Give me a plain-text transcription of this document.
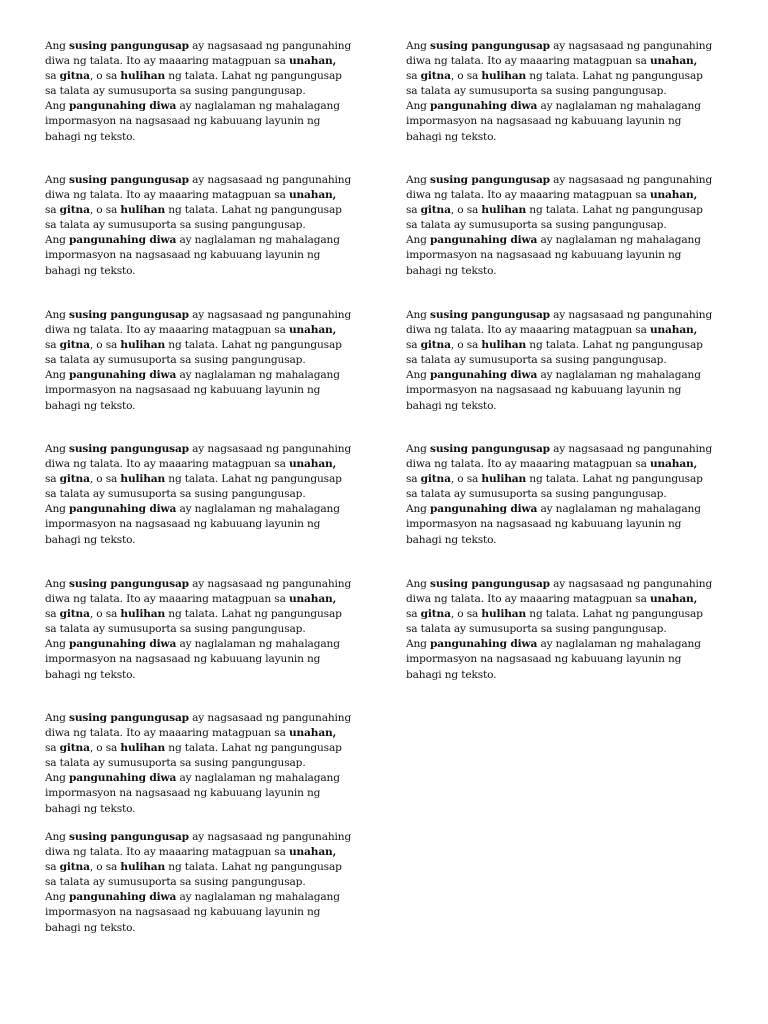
Ang susing pangungusap ay nagsasaad ng pangunahing
diwa ng talata. Ito ay maaaring matagpuan sa unahan,
sa gitna, o sa hulihan ng talata. Lahat ng pangungusap
sa talata ay sumusuporta sa susing pangungusap.
Ang pangunahing diwa ay naglalaman ng mahalagang
impormasyon na nagsasaad ng kabuuang layunin ng
bahagi ng teksto.
Ang susing pangungusap ay nagsasaad ng pangunahing
diwa ng talata. Ito ay maaaring matagpuan sa unahan,
sa gitna, o sa hulihan ng talata. Lahat ng pangungusap
sa talata ay sumusuporta sa susing pangungusap.
Ang pangunahing diwa ay naglalaman ng mahalagang
impormasyon na nagsasaad ng kabuuang layunin ng
bahagi ng teksto.
Ang susing pangungusap ay nagsasaad ng pangunahing
diwa ng talata. Ito ay maaaring matagpuan sa unahan,
sa gitna, o sa hulihan ng talata. Lahat ng pangungusap
sa talata ay sumusuporta sa susing pangungusap.
Ang pangunahing diwa ay naglalaman ng mahalagang
impormasyon na nagsasaad ng kabuuang layunin ng
bahagi ng teksto.
Ang susing pangungusap ay nagsasaad ng pangunahing
diwa ng talata. Ito ay maaaring matagpuan sa unahan,
sa gitna, o sa hulihan ng talata. Lahat ng pangungusap
sa talata ay sumusuporta sa susing pangungusap.
Ang pangunahing diwa ay naglalaman ng mahalagang
impormasyon na nagsasaad ng kabuuang layunin ng
bahagi ng teksto.
Ang susing pangungusap ay nagsasaad ng pangunahing
diwa ng talata. Ito ay maaaring matagpuan sa unahan,
sa gitna, o sa hulihan ng talata. Lahat ng pangungusap
sa talata ay sumusuporta sa susing pangungusap.
Ang pangunahing diwa ay naglalaman ng mahalagang
impormasyon na nagsasaad ng kabuuang layunin ng
bahagi ng teksto.
Ang susing pangungusap ay nagsasaad ng pangunahing
diwa ng talata. Ito ay maaaring matagpuan sa unahan,
sa gitna, o sa hulihan ng talata. Lahat ng pangungusap
sa talata ay sumusuporta sa susing pangungusap.
Ang pangunahing diwa ay naglalaman ng mahalagang
impormasyon na nagsasaad ng kabuuang layunin ng
bahagi ng teksto.
Ang susing pangungusap ay nagsasaad ng pangunahing
diwa ng talata. Ito ay maaaring matagpuan sa unahan,
sa gitna, o sa hulihan ng talata. Lahat ng pangungusap
sa talata ay sumusuporta sa susing pangungusap.
Ang pangunahing diwa ay naglalaman ng mahalagang
impormasyon na nagsasaad ng kabuuang layunin ng
bahagi ng teksto.
Ang susing pangungusap ay nagsasaad ng pangunahing
diwa ng talata. Ito ay maaaring matagpuan sa unahan,
sa gitna, o sa hulihan ng talata. Lahat ng pangungusap
sa talata ay sumusuporta sa susing pangungusap.
Ang pangunahing diwa ay naglalaman ng mahalagang
impormasyon na nagsasaad ng kabuuang layunin ng
bahagi ng teksto.
Ang susing pangungusap ay nagsasaad ng pangunahing
diwa ng talata. Ito ay maaaring matagpuan sa unahan,
sa gitna, o sa hulihan ng talata. Lahat ng pangungusap
sa talata ay sumusuporta sa susing pangungusap.
Ang pangunahing diwa ay naglalaman ng mahalagang
impormasyon na nagsasaad ng kabuuang layunin ng
bahagi ng teksto.
Ang susing pangungusap ay nagsasaad ng pangunahing
diwa ng talata. Ito ay maaaring matagpuan sa unahan,
sa gitna, o sa hulihan ng talata. Lahat ng pangungusap
sa talata ay sumusuporta sa susing pangungusap.
Ang pangunahing diwa ay naglalaman ng mahalagang
impormasyon na nagsasaad ng kabuuang layunin ng
bahagi ng teksto.
Ang susing pangungusap ay nagsasaad ng pangunahing
diwa ng talata. Ito ay maaaring matagpuan sa unahan,
sa gitna, o sa hulihan ng talata. Lahat ng pangungusap
sa talata ay sumusuporta sa susing pangungusap.
Ang pangunahing diwa ay naglalaman ng mahalagang
impormasyon na nagsasaad ng kabuuang layunin ng
bahagi ng teksto.
Ang susing pangungusap ay nagsasaad ng pangunahing
diwa ng talata. Ito ay maaaring matagpuan sa unahan,
sa gitna, o sa hulihan ng talata. Lahat ng pangungusap
sa talata ay sumusuporta sa susing pangungusap.
Ang pangunahing diwa ay naglalaman ng mahalagang
impormasyon na nagsasaad ng kabuuang layunin ng
bahagi ng teksto.
